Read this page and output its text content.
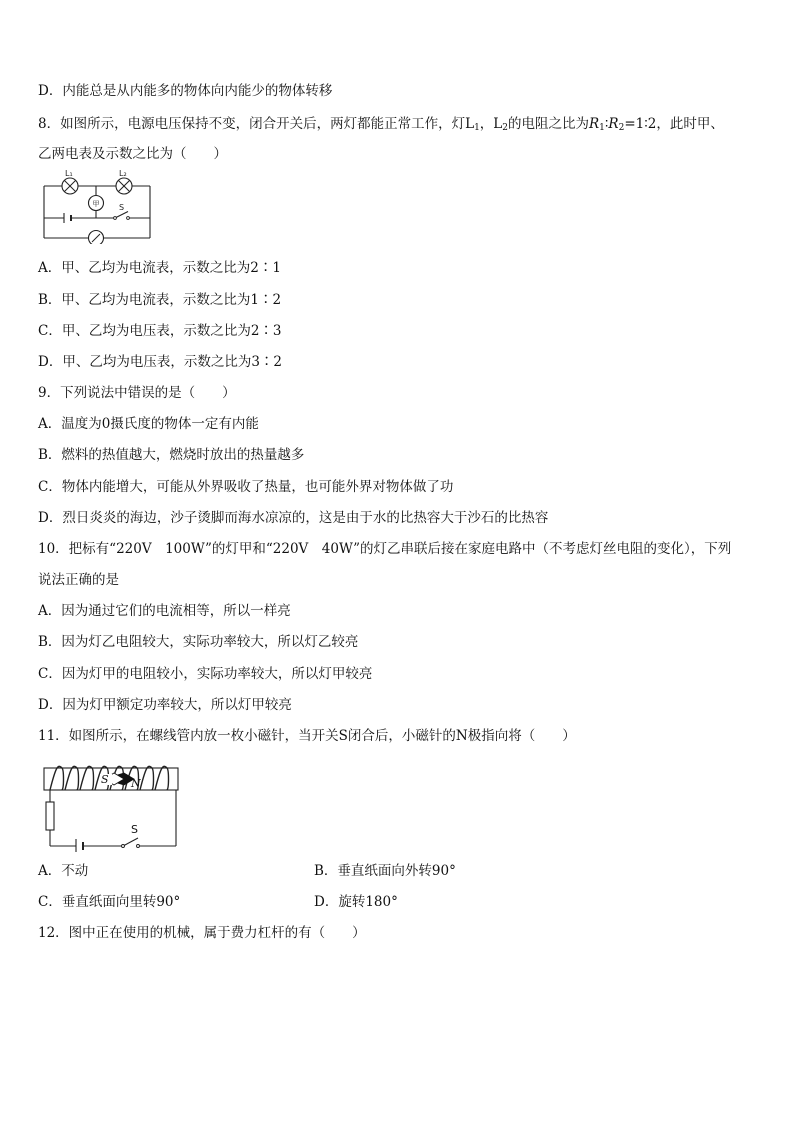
D．内能总是从内能多的物体向内能少的物体转移
8．如图所示，电源电压保持不变，闭合开关后，两灯都能正常工作，灯$L_1$，$L_2$的电阻之比为$R_1∶R_2=1∶2$，此时甲、
乙两电表及示数之比为（　　）
L₁	L₂
甲 S
A．甲、乙均为电流表，示数之比为2∶1
B．甲、乙均为电流表，示数之比为1∶2
C．甲、乙均为电压表，示数之比为2∶3
D．甲、乙均为电压表，示数之比为3∶2
9．下列说法中错误的是（　　）
A．温度为0摄氏度的物体一定有内能
B．燃料的热值越大，燃烧时放出的热量越多
C．物体内能增大，可能从外界吸收了热量，也可能外界对物体做了功
D．烈日炎炎的海边，沙子烫脚而海水凉凉的，这是由于水的比热容大于沙石的比热容
10．把标有“220V　100W”的灯甲和“220V　40W”的灯乙串联后接在家庭电路中（不考虑灯丝电阻的变化），下列
说法正确的是
A．因为通过它们的电流相等，所以一样亮
B．因为灯乙电阻较大，实际功率较大，所以灯乙较亮
C．因为灯甲的电阻较小，实际功率较大，所以灯甲较亮
D．因为灯甲额定功率较大，所以灯甲较亮
11．如图所示，在螺线管内放一枚小磁针，当开关S闭合后，小磁针的N极指向将（　　）
S N
S
A．不动	B．垂直纸面向外转90°
C．垂直纸面向里转90°	D．旋转180°
12．图中正在使用的机械，属于费力杠杆的有（　　）
